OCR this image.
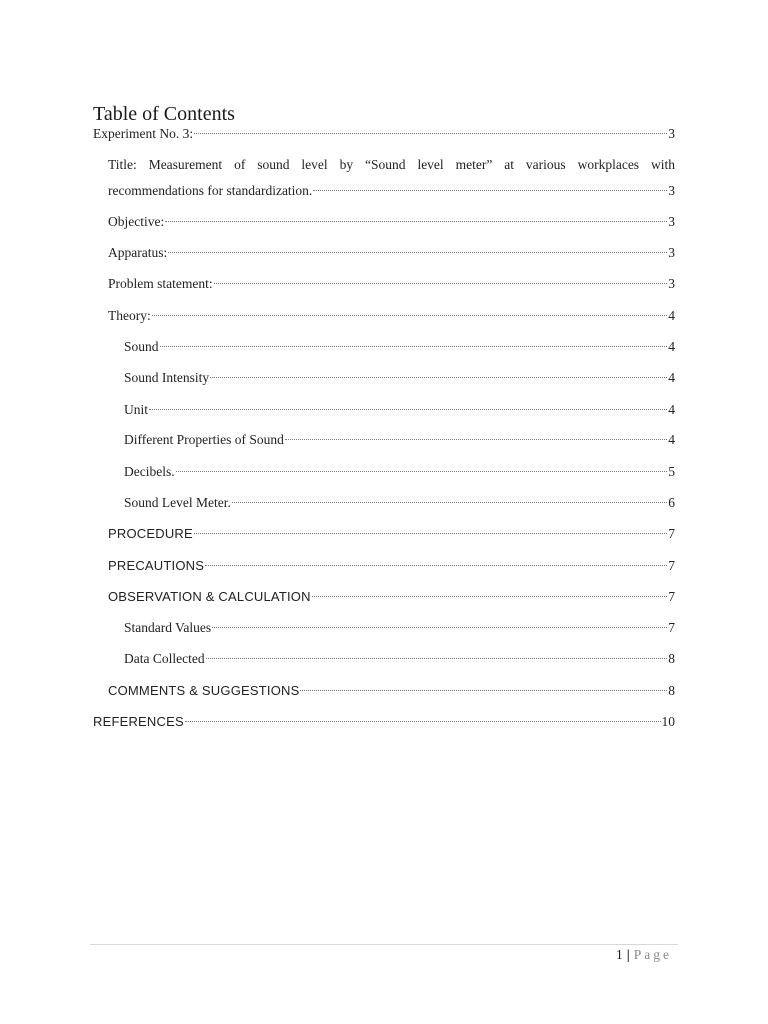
Table of Contents
Experiment No. 3:	3
Title: Measurement of sound level by “Sound level meter” at various workplaces with
recommendations for standardization.	3
Objective:	3
Apparatus:	3
Problem statement:	3
Theory:	4
Sound	4
Sound Intensity	4
Unit	4
Different Properties of Sound	4
Decibels.	5
Sound Level Meter.	6
PROCEDURE	7
PRECAUTIONS	7
OBSERVATION & CALCULATION	7
Standard Values	7
Data Collected	8
COMMENTS & SUGGESTIONS	8
REFERENCES	10
1 | Page
